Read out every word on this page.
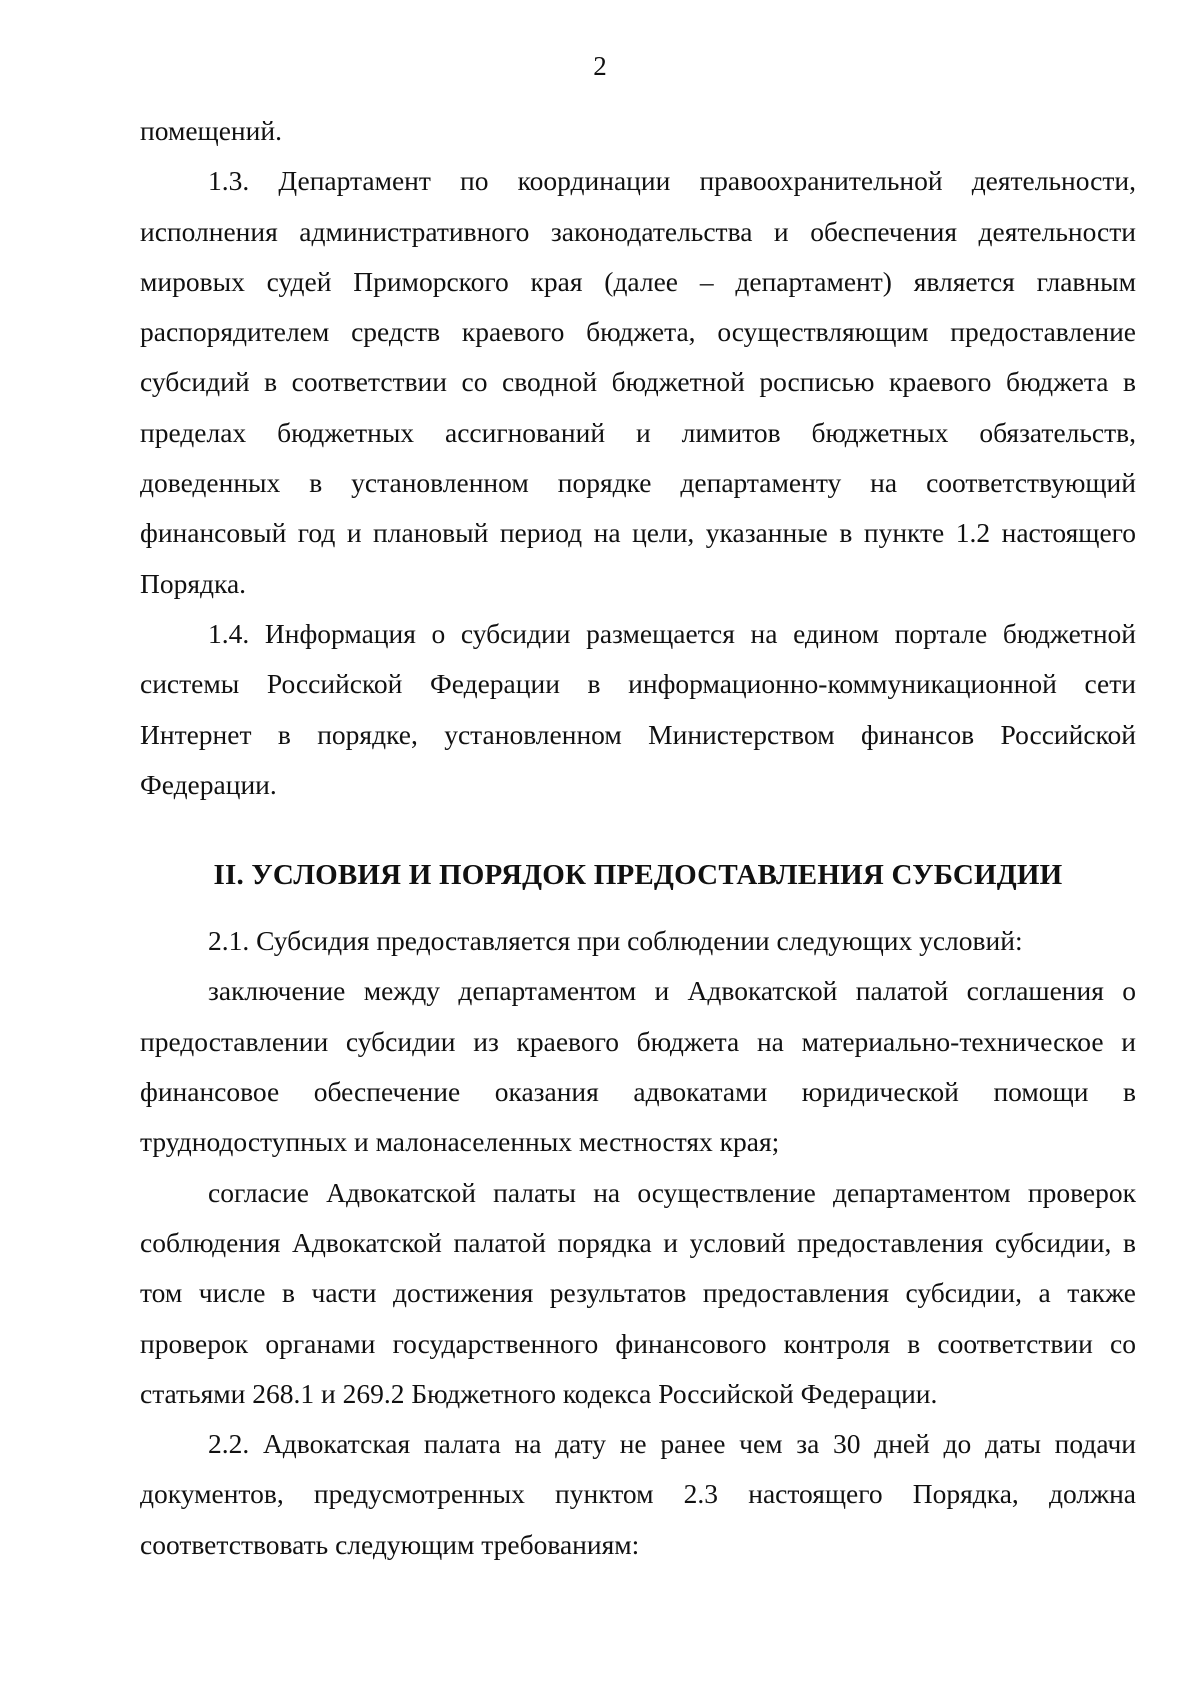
2

помещений.

1.3. Департамент по координации правоохранительной деятельности, исполнения административного законодательства и обеспечения деятельности мировых судей Приморского края (далее – департамент) является главным распорядителем средств краевого бюджета, осуществляющим предоставление субсидий в соответствии со сводной бюджетной росписью краевого бюджета в пределах бюджетных ассигнований и лимитов бюджетных обязательств, доведенных в установленном порядке департаменту на соответствующий финансовый год и плановый период на цели, указанные в пункте 1.2 настоящего Порядка.

1.4. Информация о субсидии размещается на едином портале бюджетной системы Российской Федерации в информационно-коммуникационной сети Интернет в порядке, установленном Министерством финансов Российской Федерации.

II. УСЛОВИЯ И ПОРЯДОК ПРЕДОСТАВЛЕНИЯ СУБСИДИИ

2.1. Субсидия предоставляется при соблюдении следующих условий:

заключение между департаментом и Адвокатской палатой соглашения о предоставлении субсидии из краевого бюджета на материально-техническое и финансовое обеспечение оказания адвокатами юридической помощи в труднодоступных и малонаселенных местностях края;

согласие Адвокатской палаты на осуществление департаментом проверок соблюдения Адвокатской палатой порядка и условий предоставления субсидии, в том числе в части достижения результатов предоставления субсидии, а также проверок органами государственного финансового контроля в соответствии со статьями 268.1 и 269.2 Бюджетного кодекса Российской Федерации.

2.2. Адвокатская палата на дату не ранее чем за 30 дней до даты подачи документов, предусмотренных пунктом 2.3 настоящего Порядка, должна соответствовать следующим требованиям:
